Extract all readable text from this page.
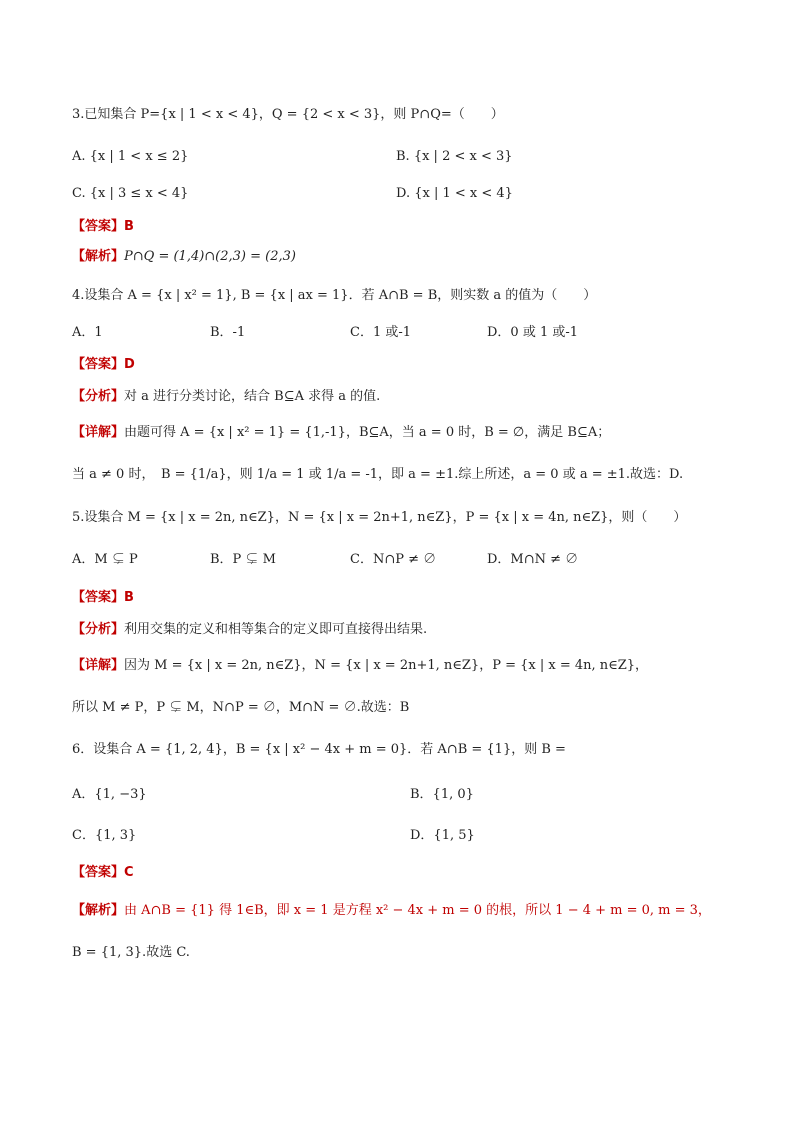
3.已知集合 P={x | 1 < x < 4}，Q = {2 < x < 3}，则 P∩Q=（　　）
A. {x | 1 < x ≤ 2}	B. {x | 2 < x < 3}
C. {x | 3 ≤ x < 4}	D. {x | 1 < x < 4}
【答案】B
【解析】P∩Q = (1,4)∩(2,3) = (2,3)
4.设集合 A = {x | x² = 1}, B = {x | ax = 1}．若 A∩B = B，则实数 a 的值为（　　）
A．1	B．-1	C．1 或-1	D．0 或 1 或-1
【答案】D
【分析】对 a 进行分类讨论，结合 B⊆A 求得 a 的值.
【详解】由题可得 A = {x | x² = 1} = {1,-1}，B⊆A，当 a = 0 时，B = ∅，满足 B⊆A；
当 a ≠ 0 时，　B = {1/a}，则 1/a = 1 或 1/a = -1，即 a = ±1.综上所述，a = 0 或 a = ±1.故选：D.
5.设集合 M = {x | x = 2n, n∈Z}，N = {x | x = 2n+1, n∈Z}，P = {x | x = 4n, n∈Z}，则（　　）
A．M ⊊ P	B．P ⊊ M	C．N∩P ≠ ∅	D．M∩N ≠ ∅
【答案】B
【分析】利用交集的定义和相等集合的定义即可直接得出结果.
【详解】因为 M = {x | x = 2n, n∈Z}，N = {x | x = 2n+1, n∈Z}，P = {x | x = 4n, n∈Z}，
所以 M ≠ P，P ⊊ M，N∩P = ∅，M∩N = ∅.故选：B
6．设集合 A = {1, 2, 4}，B = {x | x² − 4x + m = 0}．若 A∩B = {1}，则 B =
A．{1, −3}	B．{1, 0}
C．{1, 3}	D．{1, 5}
【答案】C
【解析】由 A∩B = {1} 得 1∈B，即 x = 1 是方程 x² − 4x + m = 0 的根，所以 1 − 4 + m = 0, m = 3，
B = {1, 3}.故选 C.
